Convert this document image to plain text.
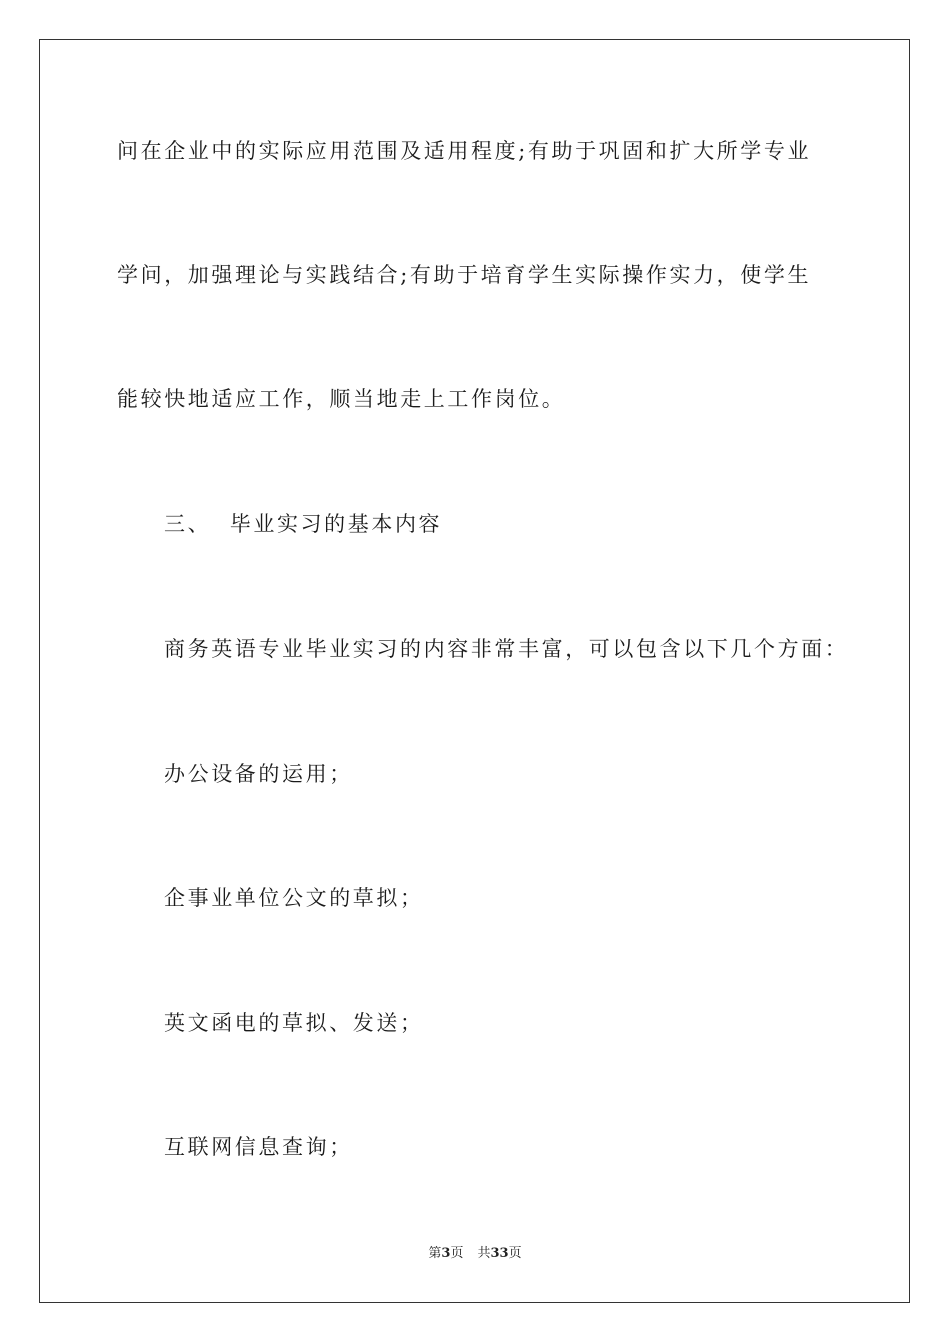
问在企业中的实际应用范围及适用程度;有助于巩固和扩大所学专业
学问，加强理论与实践结合;有助于培育学生实际操作实力，使学生
能较快地适应工作，顺当地走上工作岗位。
三、  毕业实习的基本内容
商务英语专业毕业实习的内容非常丰富，可以包含以下几个方面：
办公设备的运用；
企事业单位公文的草拟；
英文函电的草拟、发送；
互联网信息查询；
第3页 共33页
